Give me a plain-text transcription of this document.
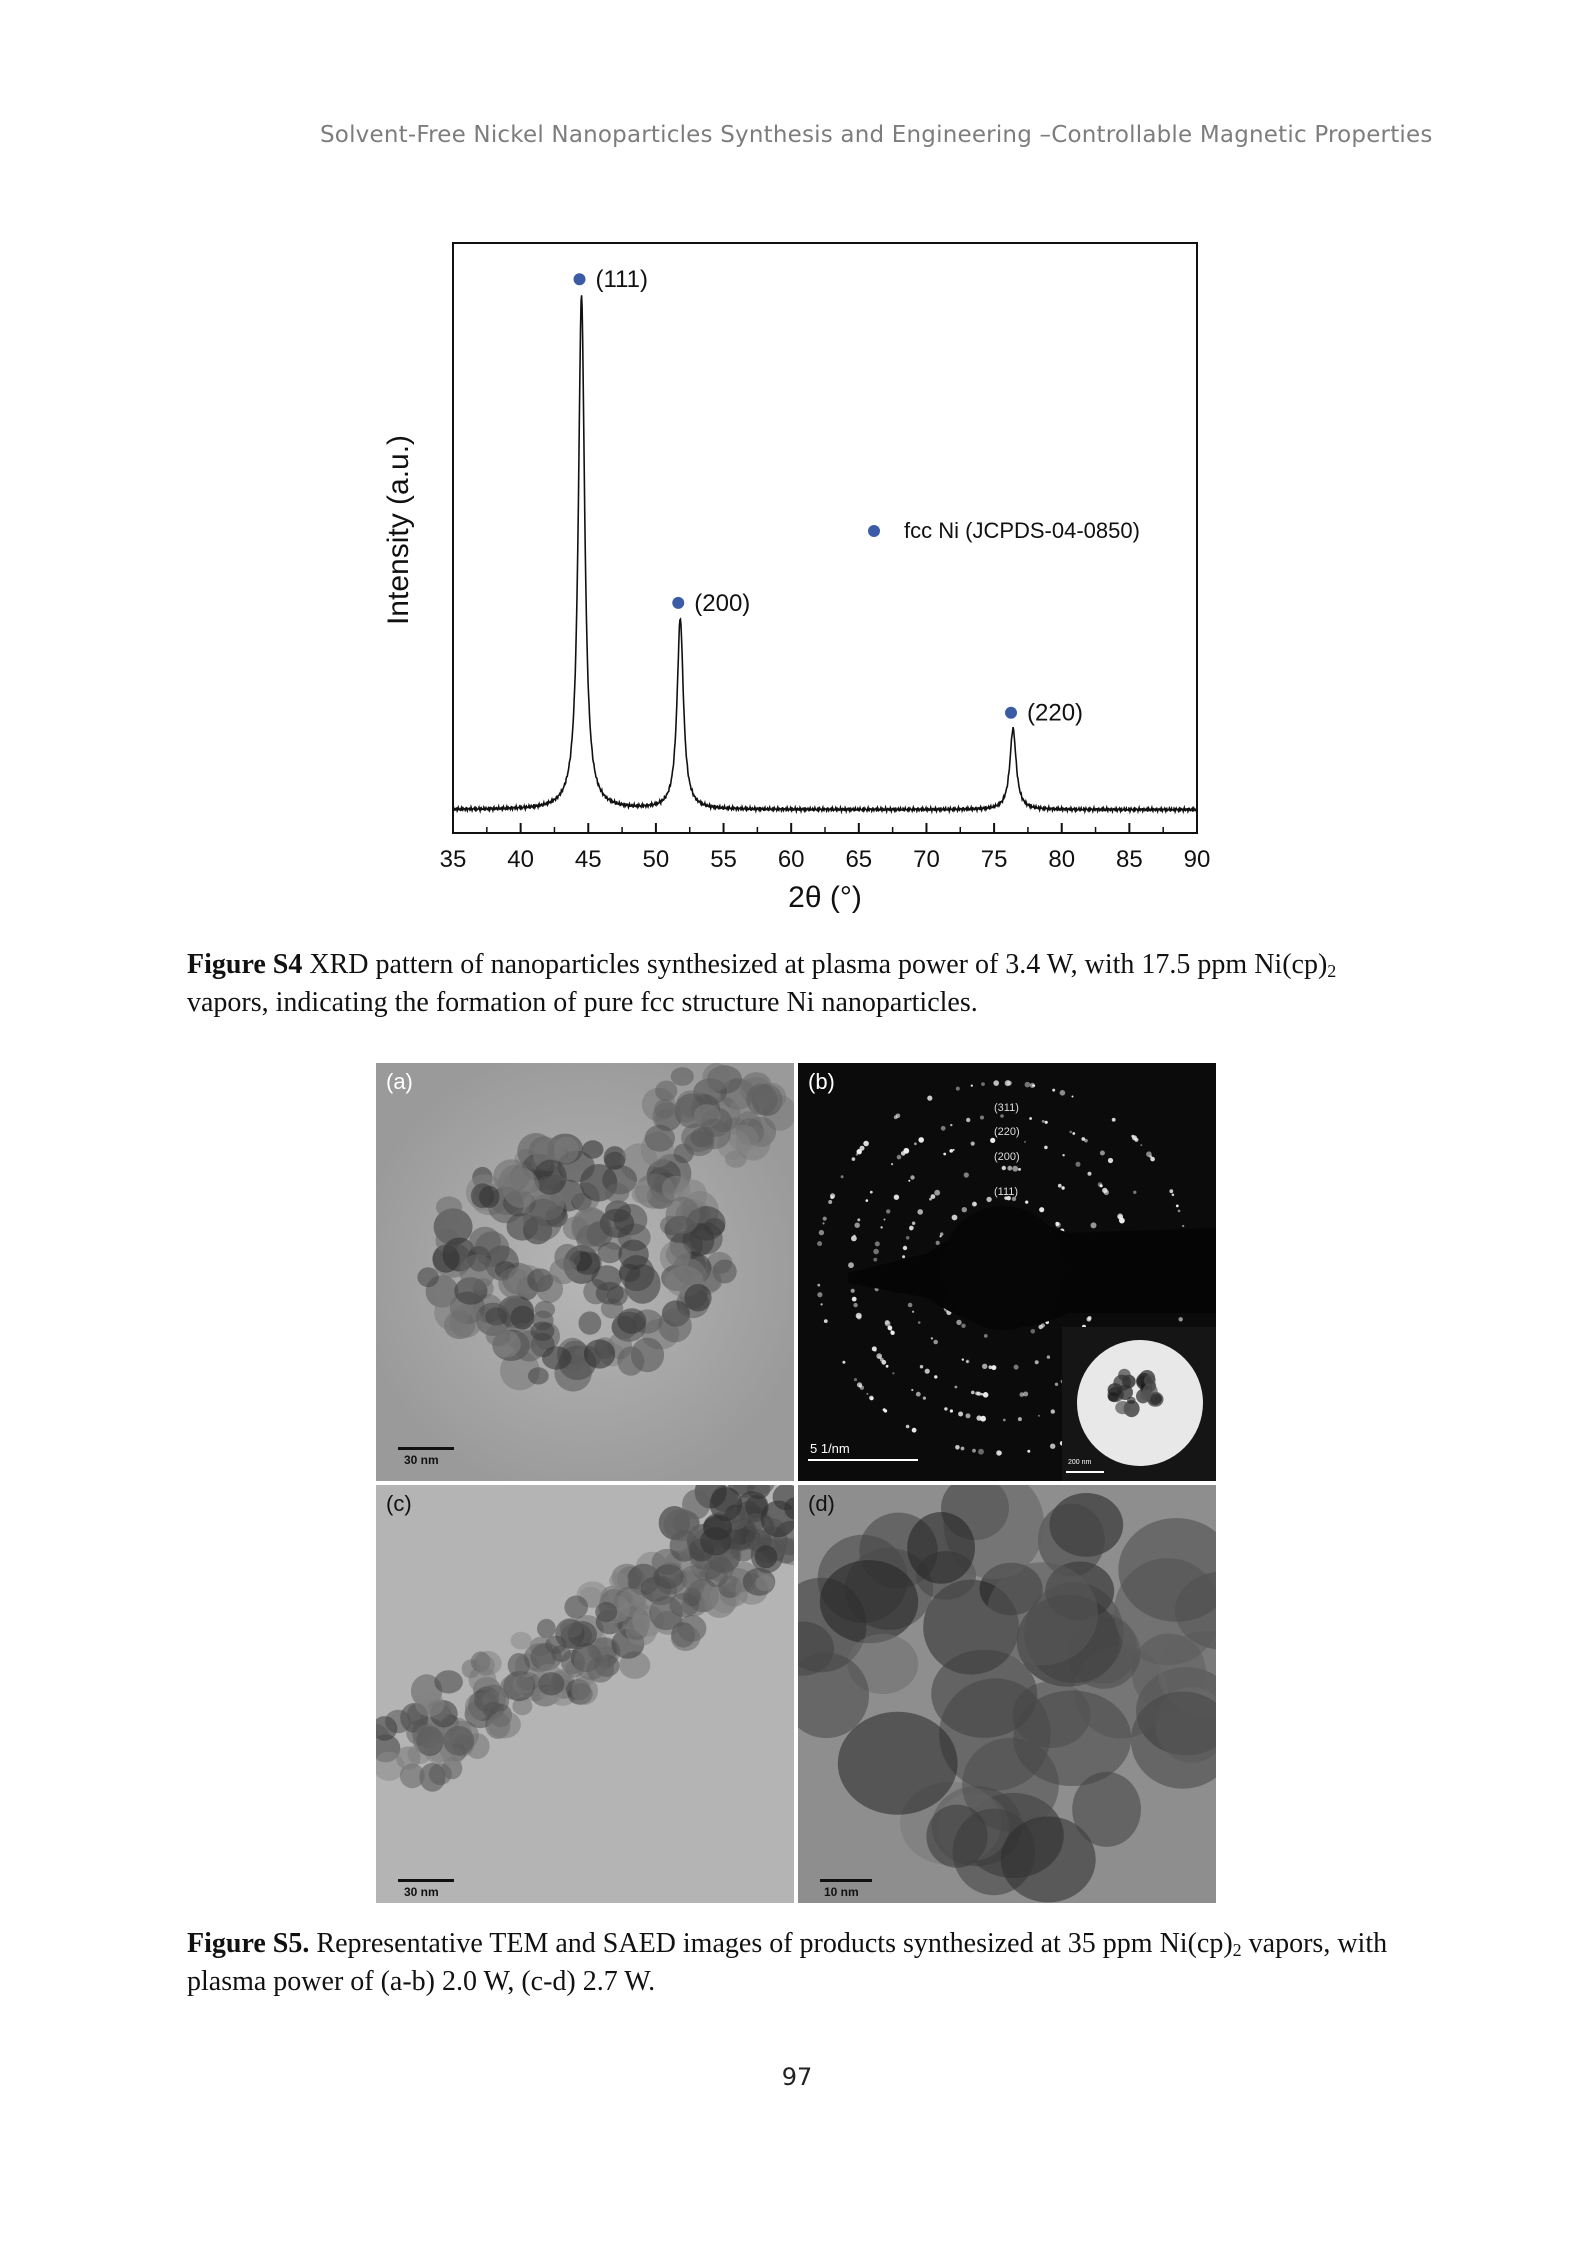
Solvent-Free Nickel Nanoparticles Synthesis and Engineering –Controllable Magnetic Properties
(111)
(200)
(220)
35 40 45 50 55 60 65 70 75 80 85 90
2θ (°)
Intensity (a.u.)	fcc Ni (JCPDS-04-0850)
Figure S4 XRD pattern of nanoparticles synthesized at plasma power of 3.4 W, with 17.5 ppm $Ni(cp)_2$ vapors, indicating the formation of pure fcc structure Ni nanoparticles.
(a)
30 nm
(311)
(220)
(200)
(111)
(b)
5 1/nm
200 nm
(c)
30 nm
(d)
10 nm
Figure S5. Representative TEM and SAED images of products synthesized at 35 ppm $Ni(cp)_2$ vapors, with plasma power of (a-b) 2.0 W, (c-d) 2.7 W.
97
